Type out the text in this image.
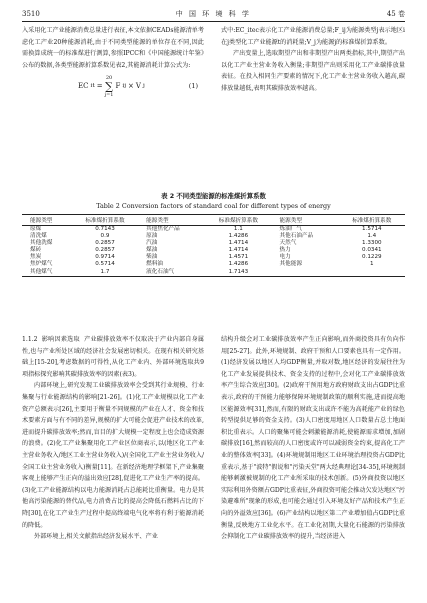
3510	中 国 环 境 科 学	45 卷

入采用化工产业能源消费总量进行表征,本文依据CEADs能源清单考虑化工产业20种能源消耗,由于不同类型能源的单位存在不同,因此需换算成统一的标准煤进行测算,参照IPCC和《中国能源统计年鉴》公布的数据,各类型能源折算系数见表2,其能源消耗计算公式为:

EC it =
20
∑
j=1
F ij × V j	(1)

式中:EC_itec表示化工产业能源消费总量;F_ij为能源类型j表示地区i在j类型化工产业能源t的消耗量;V_j为能源j的标准煤折算系数。

产出变量上,选取期望产出和非期望产出两类指标,其中,期望产出以化工产业主营业务收入衡量;非期望产出则采用化工产业碳排放量表征。在投入相同生产要素的情况下,化工产业主营业务收入越高,碳排放量越低,表明其碳排放效率越高。

表 2 不同类型能源的标准煤折算系数
Table 2 Conversion factors of standard coal for different types of energy
能源类型	标准煤折算系数	能源类型	标准煤折算系数	能源类型	标准煤折算系数
原煤	0.7143	其他焦化产品	1.1	炼油厂气	1.5714
清洗煤	0.9	原油	1.4286	其他石油产品	1.4
其他洗煤	0.2857	汽油	1.4714	天然气	1.3300
煤砖	0.2857	煤油	1.4714	热力	0.0341
焦炭	0.9714	柴油	1.4571	电力	0.1229
焦炉煤气	0.5714	燃料油	1.4286	其他能源	1
其他煤气	1.7	液化石油气	1.7143		

1.1.2 影响因素选取 产业碳排放效率不仅取决于产业内部自身属性,也与产业所处区域的经济社会发展密切相关。在现有相关研究基础上[15-20],考虑数据的可得性,从化工产业内、外部环境选取共9项指标探究影响其碳排放效率的因素(表3)。

内部环境上,研究发现工业碳排放效率会受到其行业规模、行业集聚与行业能源结构的影响[21-26]。(1)化工产业规模以化工产业资产总额表示[26],主要用于衡量不同规模的产业在人才、资金和技术要素方面与有不同的差异,规模的扩大可能会促进产业技术的改革,进而提升碳排放效率;然而,盲目的扩大规模一定程度上也会造成资源的浪费。(2)化工产业集聚用化工产业区位商表示,以(地区化工产业主营业务收入/地区工业主营业务收入)/(全国化工产业主营业务收入/全国工业主营业务收入)衡量[11]。在新经济地理学框架下,产业集聚客观上能够产生正向的溢出效应[28],促进化工产业生产率的提高。(3)化工产业能源结构以电力能源消耗占总能耗比重衡量。电力是其他高污染能源的替代品,电力消费占比的提高会降低石燃料占比的下降[30],在化工产业生产过程中提高终端电气化率将有利于能源消耗的降低。

外部环境上,相关文献指出经济发展水平、产业

结构升级会对工业碳排放效率产生正向影响,而外商投资具有负向作用[25-27]。此外,环境规制、政府干预和人口要素也具有一定作用。(1)经济发展以地区人均GDP衡量,并取对数,地区经济的发展往往为化工产业发展提供技术、资金支持的过程中,会对化工产业碳排放效率产生综合效应[30]。(2)政府干预用地方政府财政支出占GDP比重表示,政府的干预能力能够保障环境规制政策的顺利实施,进而提高地区能源效率[31],然而,有限的财政支出或许不能为高耗能产业的绿色转型提供足够的资金支持。(3)人口密度用地区人口数量占总土地面积比重表示。人口的聚集可能会刺激能源消耗,使能源需求增加,加剧碳排放[16],然而较高的人口密度或许可以减弱资金约束,提高化工产业的整体效率[33]。(4)环境规制用地区工业环境治理投资占GDP比重表示,基于"波特"假说和"污染天堂"两大经典理论[34-35],环境规制能够刺激被规制的化工产业所采取的技术创新。(5)外商投资以地区实际利用外资额占GDP比重表征,外商投资可能会推动欠发达地区"污染避难所"现象的形成,也可能会通过引入环境友好产品和技术产生正向的外溢效应[36]。(6)产业结构以地区第二产业增加值占GDP比重衡量,反映地方工业化水平。在工业化初期,大量化石能源的污染排放会抑制化工产业碳排放效率的提升,当经济进入
